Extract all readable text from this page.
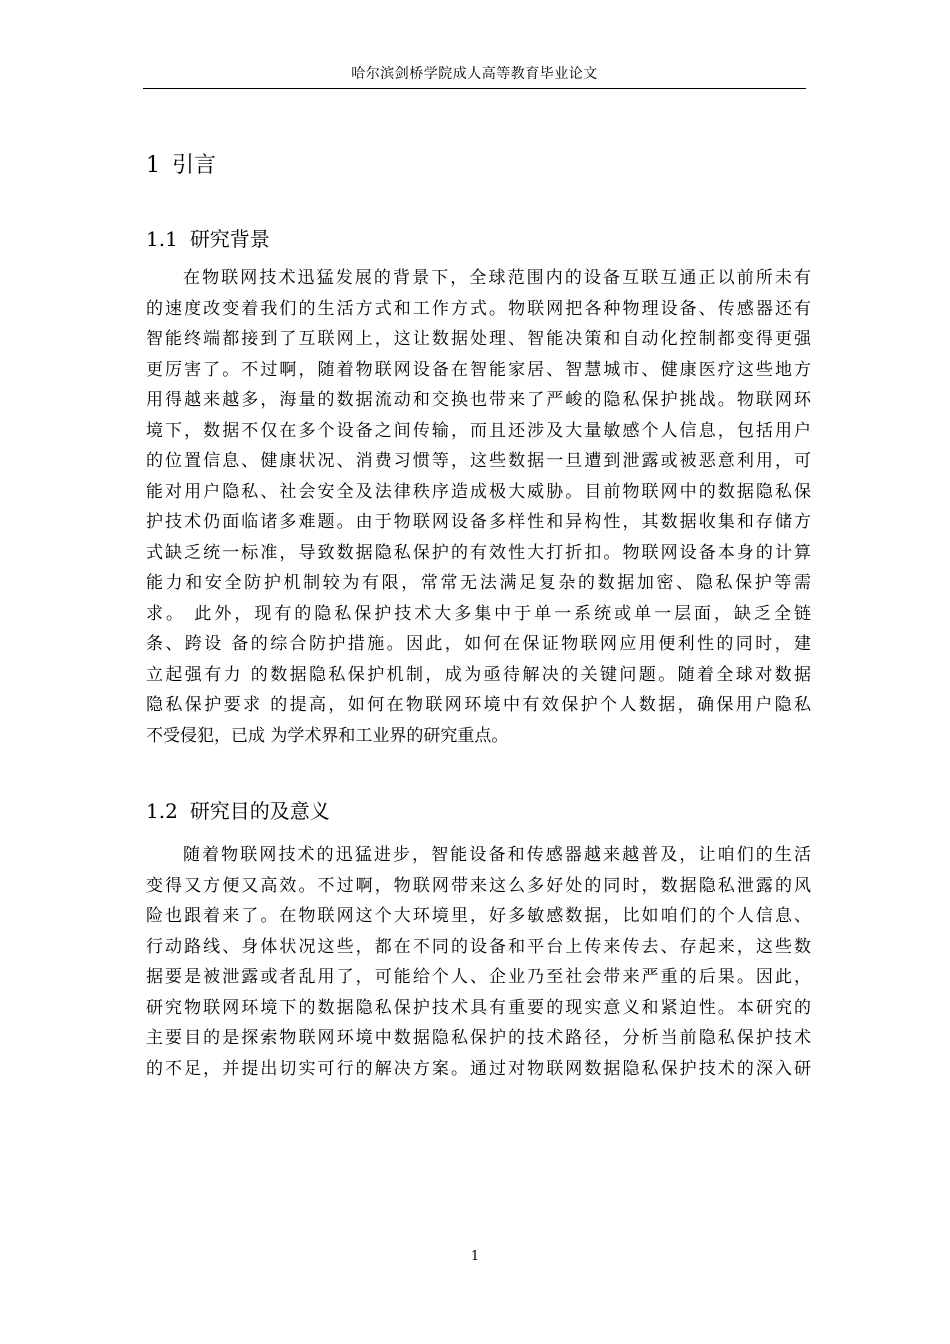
哈尔滨剑桥学院成人高等教育毕业论文
1 引言
1.1 研究背景
在物联网技术迅猛发展的背景下，全球范围内的设备互联互通正以前所未有
的速度改变着我们的生活方式和工作方式。物联网把各种物理设备、传感器还有
智能终端都接到了互联网上，这让数据处理、智能决策和自动化控制都变得更强
更厉害了。不过啊，随着物联网设备在智能家居、智慧城市、健康医疗这些地方
用得越来越多，海量的数据流动和交换也带来了严峻的隐私保护挑战。物联网环
境下，数据不仅在多个设备之间传输，而且还涉及大量敏感个人信息，包括用户
的位置信息、健康状况、消费习惯等，这些数据一旦遭到泄露或被恶意利用，可
能对用户隐私、社会安全及法律秩序造成极大威胁。目前物联网中的数据隐私保
护技术仍面临诸多难题。由于物联网设备多样性和异构性，其数据收集和存储方
式缺乏统一标准，导致数据隐私保护的有效性大打折扣。物联网设备本身的计算
能力和安全防护机制较为有限，常常无法满足复杂的数据加密、隐私保护等需
求。 此外，现有的隐私保护技术大多集中于单一系统或单一层面，缺乏全链
条、跨设 备的综合防护措施。因此，如何在保证物联网应用便利性的同时，建
立起强有力 的数据隐私保护机制，成为亟待解决的关键问题。随着全球对数据
隐私保护要求 的提高，如何在物联网环境中有效保护个人数据，确保用户隐私
不受侵犯，已成 为学术界和工业界的研究重点。
1.2 研究目的及意义
随着物联网技术的迅猛进步，智能设备和传感器越来越普及，让咱们的生活
变得又方便又高效。不过啊，物联网带来这么多好处的同时，数据隐私泄露的风
险也跟着来了。在物联网这个大环境里，好多敏感数据，比如咱们的个人信息、
行动路线、身体状况这些，都在不同的设备和平台上传来传去、存起来，这些数
据要是被泄露或者乱用了，可能给个人、企业乃至社会带来严重的后果。因此，
研究物联网环境下的数据隐私保护技术具有重要的现实意义和紧迫性。本研究的
主要目的是探索物联网环境中数据隐私保护的技术路径，分析当前隐私保护技术
的不足，并提出切实可行的解决方案。通过对物联网数据隐私保护技术的深入研
1
